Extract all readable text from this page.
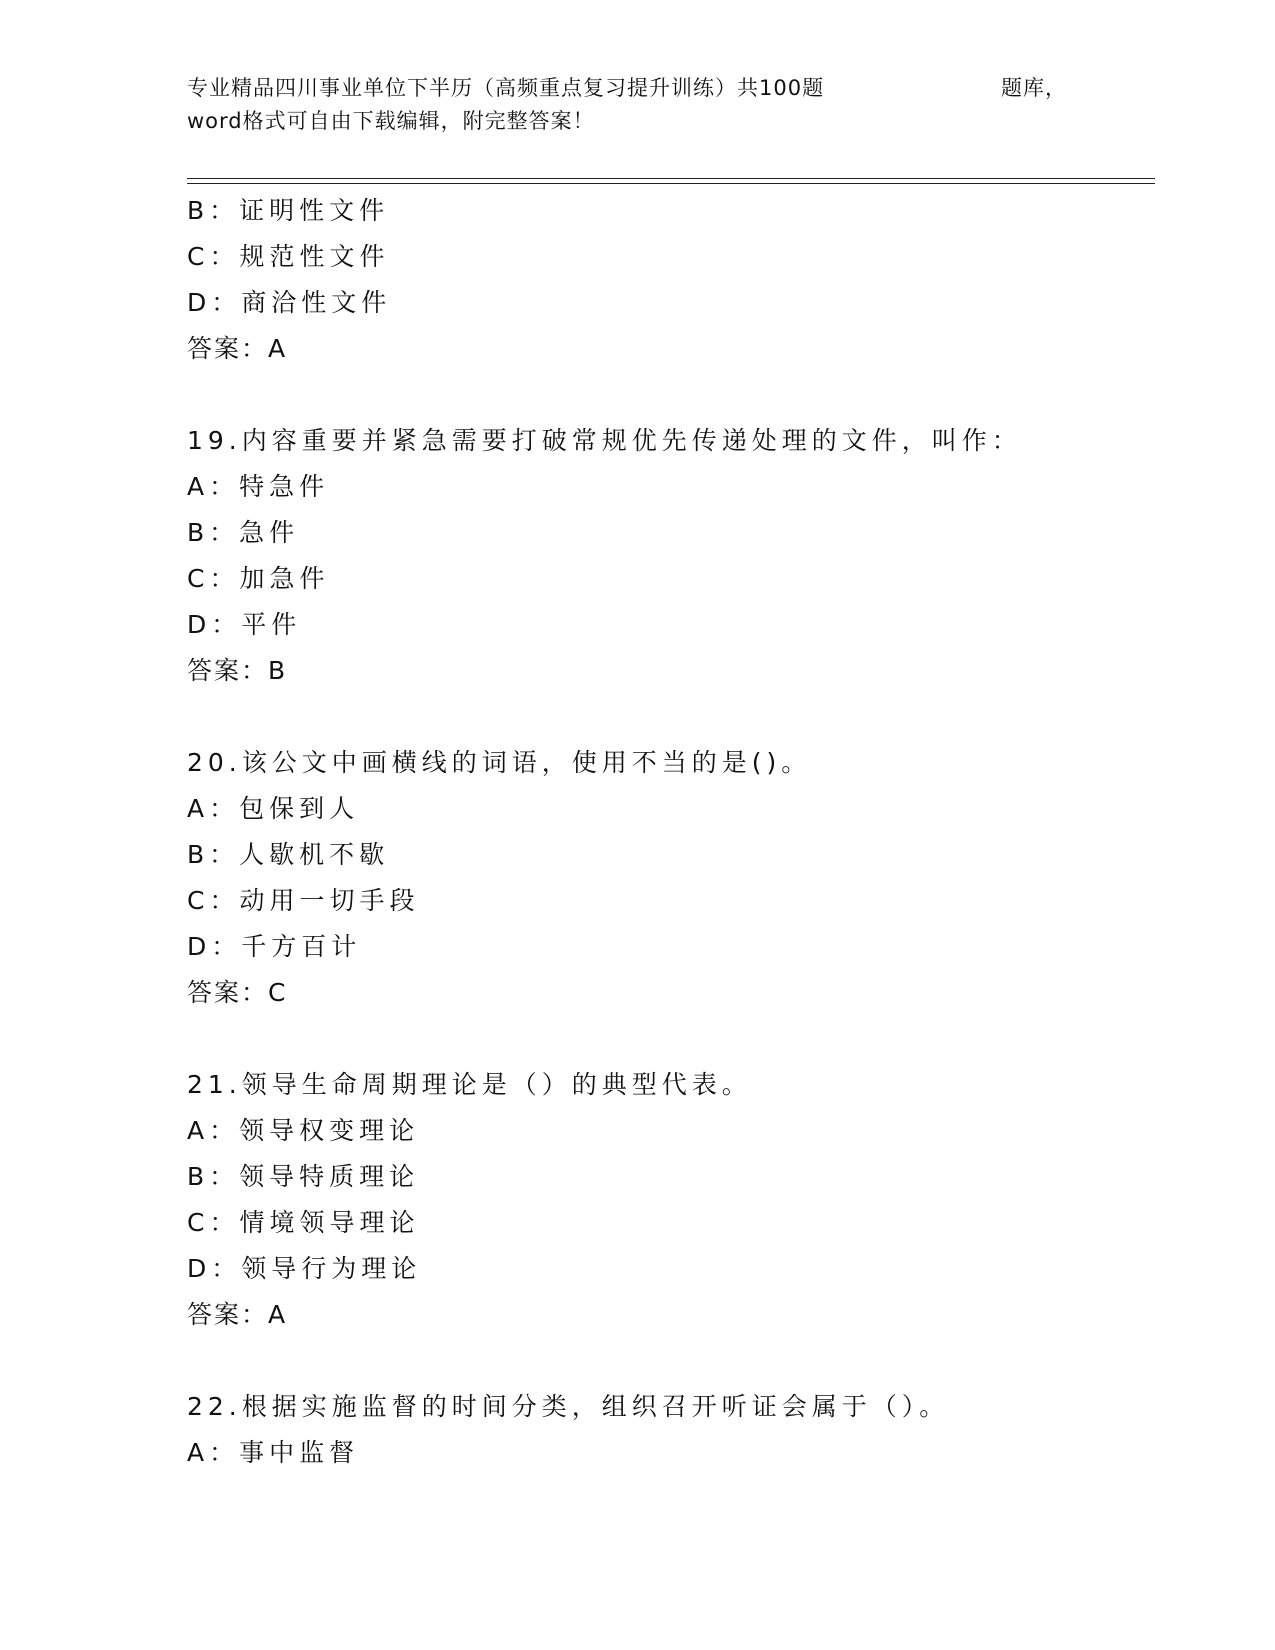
专业精品四川事业单位下半历（高频重点复习提升训练）共100题	题库，
word格式可自由下载编辑，附完整答案！
B：证明性文件
C：规范性文件
D：商洽性文件
答案：A
19.内容重要并紧急需要打破常规优先传递处理的文件，叫作：
A：特急件
B：急件
C：加急件
D：平件
答案：B
20.该公文中画横线的词语，使用不当的是()。
A：包保到人
B：人歇机不歇
C：动用一切手段
D：千方百计
答案：C
21.领导生命周期理论是（）的典型代表。
A：领导权变理论
B：领导特质理论
C：情境领导理论
D：领导行为理论
答案：A
22.根据实施监督的时间分类，组织召开听证会属于（）。
A：事中监督
